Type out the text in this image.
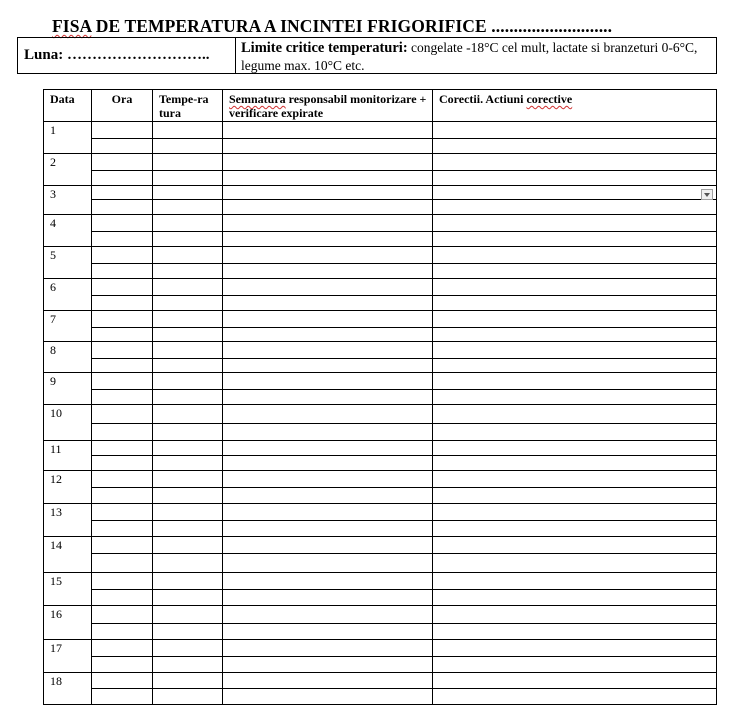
FISA DE TEMPERATURA A INCINTEI FRIGORIFICE ...........................
Luna: ………………………..	Limite critice temperaturi: congelate -18°C cel mult, lactate si branzeturi 0-6°C, legume max. 10°C etc.
Data	Ora	Tempe-ra tura	Semnatura responsabil monitorizare + verificare expirate	Corectii. Actiuni corective
1				

2				

3				

4				

5				

6				

7				

8				

9				

10				

11				

12				

13				

14				

15				

16				

17				

18				
